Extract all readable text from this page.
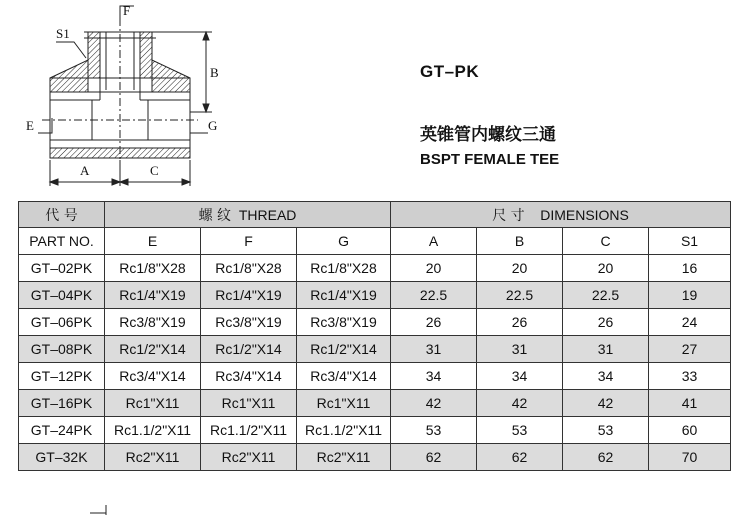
F
S1
B
E	G
A	C
GT–PK
英锥管内螺纹三通
BSPT FEMALE TEE
代 号	螺 纹 THREAD			尺 寸 DIMENSIONS			
PART NO.	E	F	G	A	B	C	S1
GT–02PK	Rc1/8"X28	Rc1/8"X28	Rc1/8"X28	20	20	20	16
GT–04PK	Rc1/4"X19	Rc1/4"X19	Rc1/4"X19	22.5	22.5	22.5	19
GT–06PK	Rc3/8"X19	Rc3/8"X19	Rc3/8"X19	26	26	26	24
GT–08PK	Rc1/2"X14	Rc1/2"X14	Rc1/2"X14	31	31	31	27
GT–12PK	Rc3/4"X14	Rc3/4"X14	Rc3/4"X14	34	34	34	33
GT–16PK	Rc1"X11	Rc1"X11	Rc1"X11	42	42	42	41
GT–24PK	Rc1.1/2"X11	Rc1.1/2"X11	Rc1.1/2"X11	53	53	53	60
GT–32K	Rc2"X11	Rc2"X11	Rc2"X11	62	62	62	70
